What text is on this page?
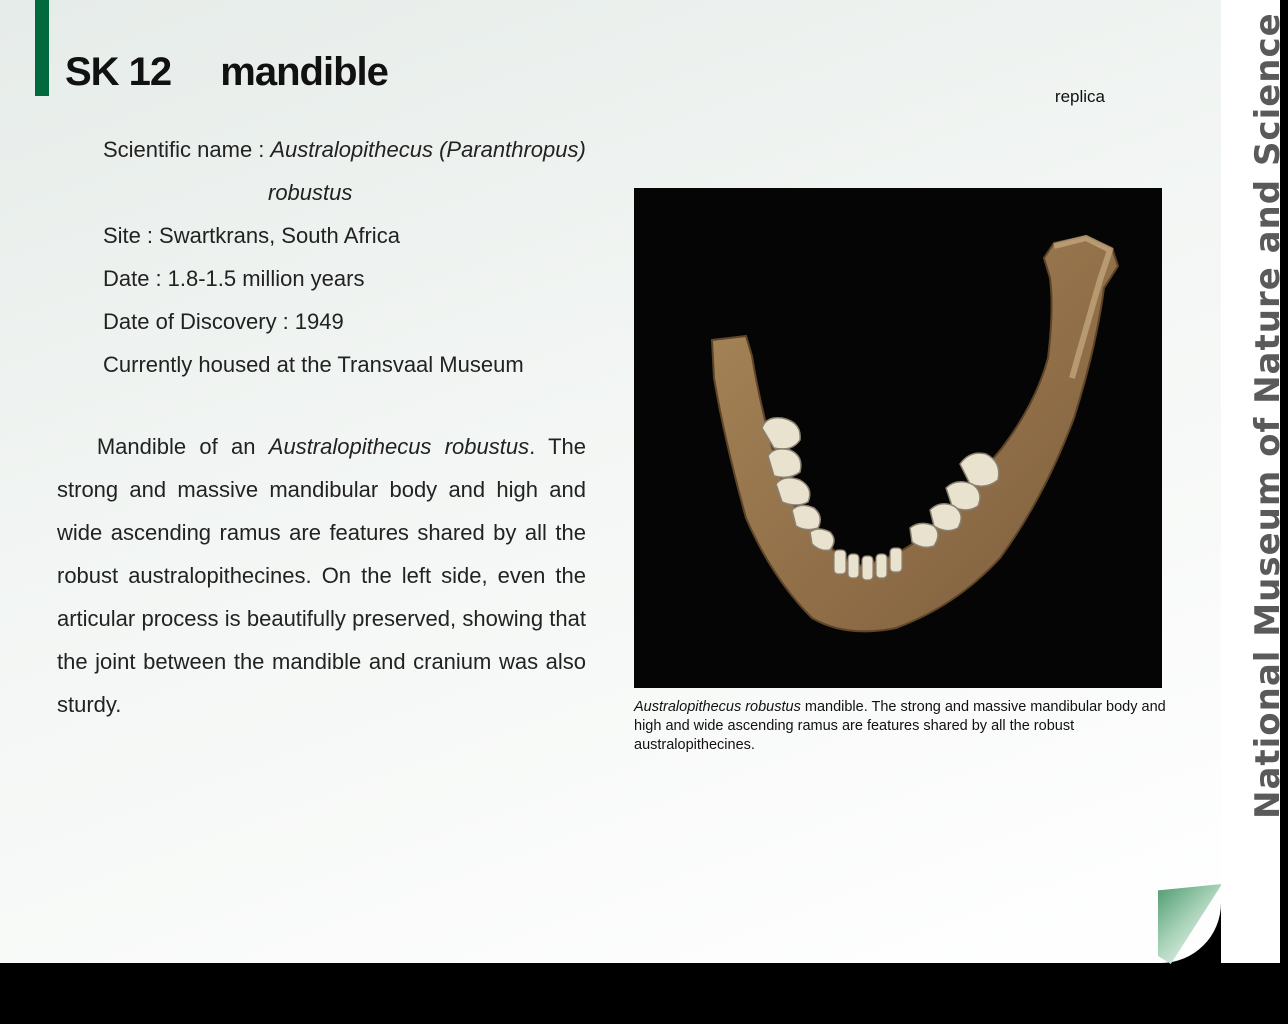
SK 12　 mandible
replica
Scientific name : Australopithecus (Paranthropus)
robustus
Site : Swartkrans, South Africa
Date : 1.8-1.5 million years
Date of Discovery : 1949
Currently housed at the Transvaal Museum

Mandible of an Australopithecus robustus. The strong and massive mandibular body and high and wide ascending ramus are features shared by all the robust australopithecines. On the left side, even the articular process is beautifully preserved, showing that the joint between the mandible and cranium was also sturdy.	Australopithecus robustus mandible. The strong and massive mandibular body and high and wide ascending ramus are features shared by all the robust australopithecines.	National Museum of Nature and Science
